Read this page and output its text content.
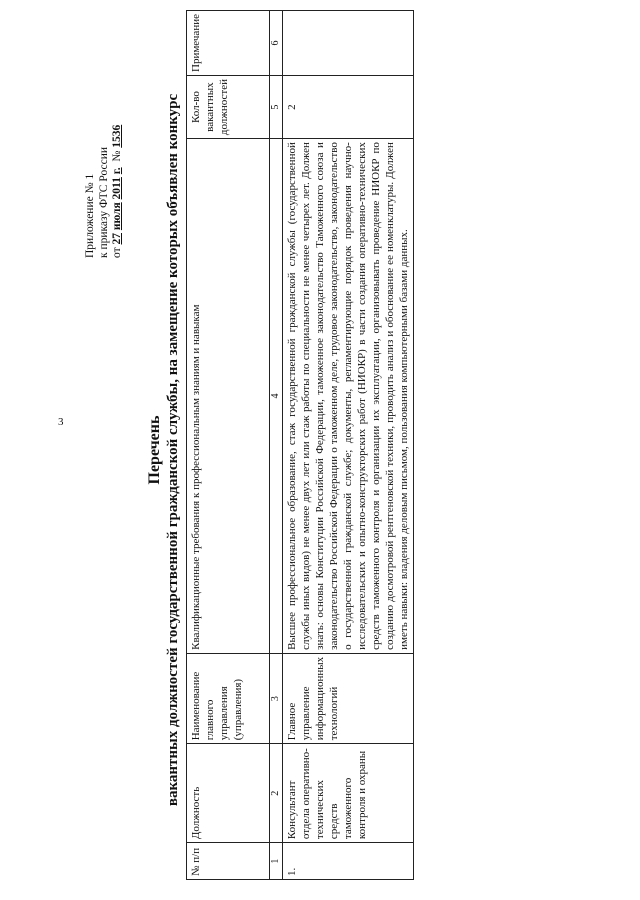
3
Приложение № 1 к приказу ФТС России от 27 июля 2011 г.  № 1536
Перечень вакантных должностей государственной гражданской службы, на замещение которых объявлен конкурс
№ п/п	Должность	Наименование главного управления (управления)	Квалификационные требования к профессиональным знаниям и навыкам	Кол-во вакантных должностей	Примечание
1	2	3	4	5	6
1.	Консультант отдела оперативно-технических средств таможенного контроля и охраны	Главное управление информационных технологий	Высшее профессиональное образование, стаж государственной гражданской службы (государственной службы иных видов) не менее двух лет или стаж работы по специальности не менее четырех лет. Должен знать: основы Конституции Российской Федерации, таможенное законодательство Таможенного союза и законодательство Российской Федерации о таможенном деле, трудовое законодательство, законодательство о государственной гражданской службе; документы, регламентирующие порядок проведения научно-исследовательских и опытно-конструкторских работ (НИОКР) в части создания оперативно-технических средств таможенного контроля и организации их эксплуатации, организовывать проведение НИОКР по созданию досмотровой рентгеновской техники, проводить анализ и обоснование ее номенклатуры. Должен иметь навыки: владения деловым письмом, пользования компьютерными базами данных.	2	
